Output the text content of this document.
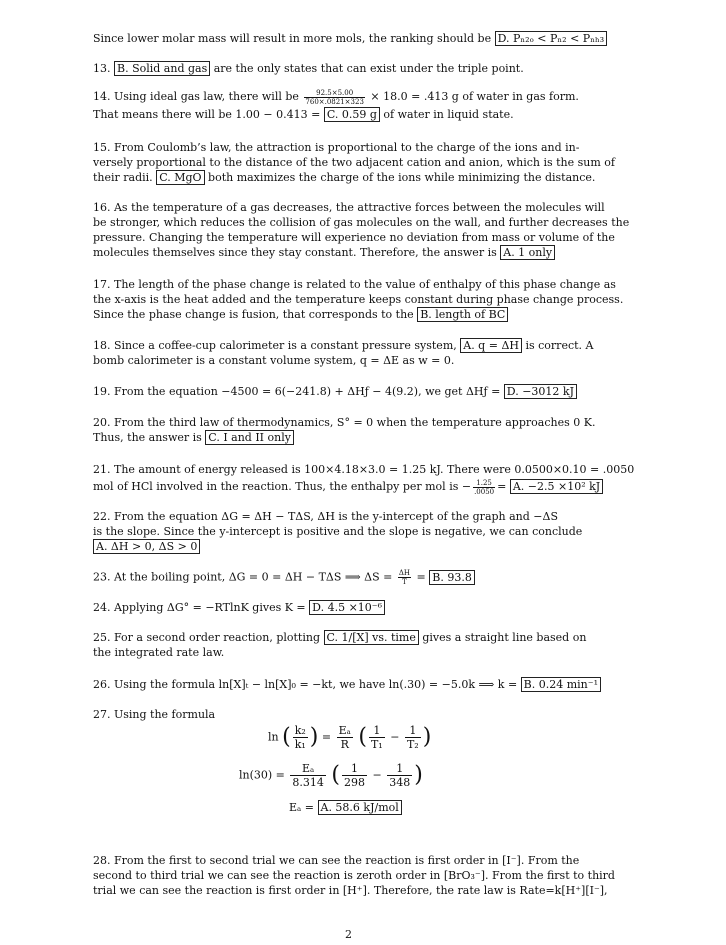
Since lower molar mass will result in more mols, the ranking should be D. Pₙ₂ₒ < Pₙ₂ < Pₙₕ₃

13. B. Solid and gas are the only states that can exist under the triple point.

14. Using ideal gas law, there will be $\frac{92.5\times 5.00}{760\times.0821\times 323} \times 18.0 = .413$ g of water in gas form.
That means there will be 1.00 − 0.413 = C. 0.59 g of water in liquid state.

15. From Coulomb’s law, the attraction is proportional to the charge of the ions and in-
versely proportional to the distance of the two adjacent cation and anion, which is the sum of
their radii. C. MgO both maximizes the charge of the ions while minimizing the distance.

16. As the temperature of a gas decreases, the attractive forces between the molecules will
be stronger, which reduces the collision of gas molecules on the wall, and further decreases the
pressure. Changing the temperature will experience no deviation from mass or volume of the
molecules themselves since they stay constant. Therefore, the answer is A. 1 only

17. The length of the phase change is related to the value of enthalpy of this phase change as
the x-axis is the heat added and the temperature keeps constant during phase change process.
Since the phase change is fusion, that corresponds to the B. length of BC

18. Since a coffee-cup calorimeter is a constant pressure system, A. q = ΔH is correct. A
bomb calorimeter is a constant volume system, q = ΔE as w = 0.

19. From the equation −4500 = 6(−241.8) + ΔHƒ − 4(9.2), we get ΔHƒ = D. −3012 kJ

20. From the third law of thermodynamics, S° = 0 when the temperature approaches 0 K.
Thus, the answer is C. I and II only

21. The amount of energy released is 100×4.18×3.0 = 1.25 kJ. There were 0.0500×0.10 = .0050
mol of HCl involved in the reaction. Thus, the enthalpy per mol is − $\frac{1.25}{.0050} = A$. −2.5 ×10² kJ

22. From the equation ΔG = ΔH − TΔS, ΔH is the y-intercept of the graph and −ΔS
is the slope. Since the y-intercept is positive and the slope is negative, we can conclude
A. ΔH > 0, ΔS > 0

23. At the boiling point, ΔG = 0 = ΔH − TΔS ⟹ $\Delta S = \frac{\Delta H}{T} = B$. 93.8

24. Applying ΔG° = −RTlnK gives K = D. 4.5 ×10⁻⁶

25. For a second order reaction, plotting C. 1/[X] vs. time gives a straight line based on
the integrated rate law.

26. Using the formula ln[X]ₜ − ln[X]₀ = −kt, we have ln(.30) = −5.0k ⟹ k = B. 0.24 min⁻¹

27. Using the formula

ln ( $\frac{\text{k₂}}{\text{k₁}}$ ) = $\frac{\text{Eₐ}}{R}$ ( $\frac{1}{\text{T₁}} - \frac{1}{\text{T₂}}$ )
$\ln(30) = \frac{\text{Eₐ}}{8.314}$ ( $\frac{1}{298} - \frac{1}{348}$ )
Eₐ = A. 58.6 kJ/mol

28. From the first to second trial we can see the reaction is first order in [I⁻]. From the
second to third trial we can see the reaction is zeroth order in [BrO₃⁻]. From the first to third
trial we can see the reaction is first order in [H⁺]. Therefore, the rate law is Rate=k[H⁺][I⁻],

2
